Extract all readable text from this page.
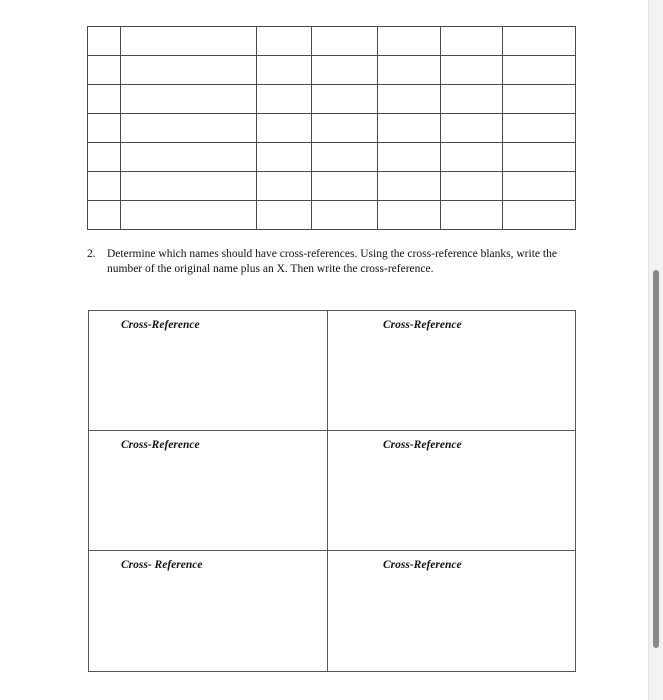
2. Determine which names should have cross-references. Using the cross-reference blanks, write the number of the original name plus an X. Then write the cross-reference.
Cross-Reference	Cross-Reference
Cross-Reference	Cross-Reference
Cross- Reference	Cross-Reference
